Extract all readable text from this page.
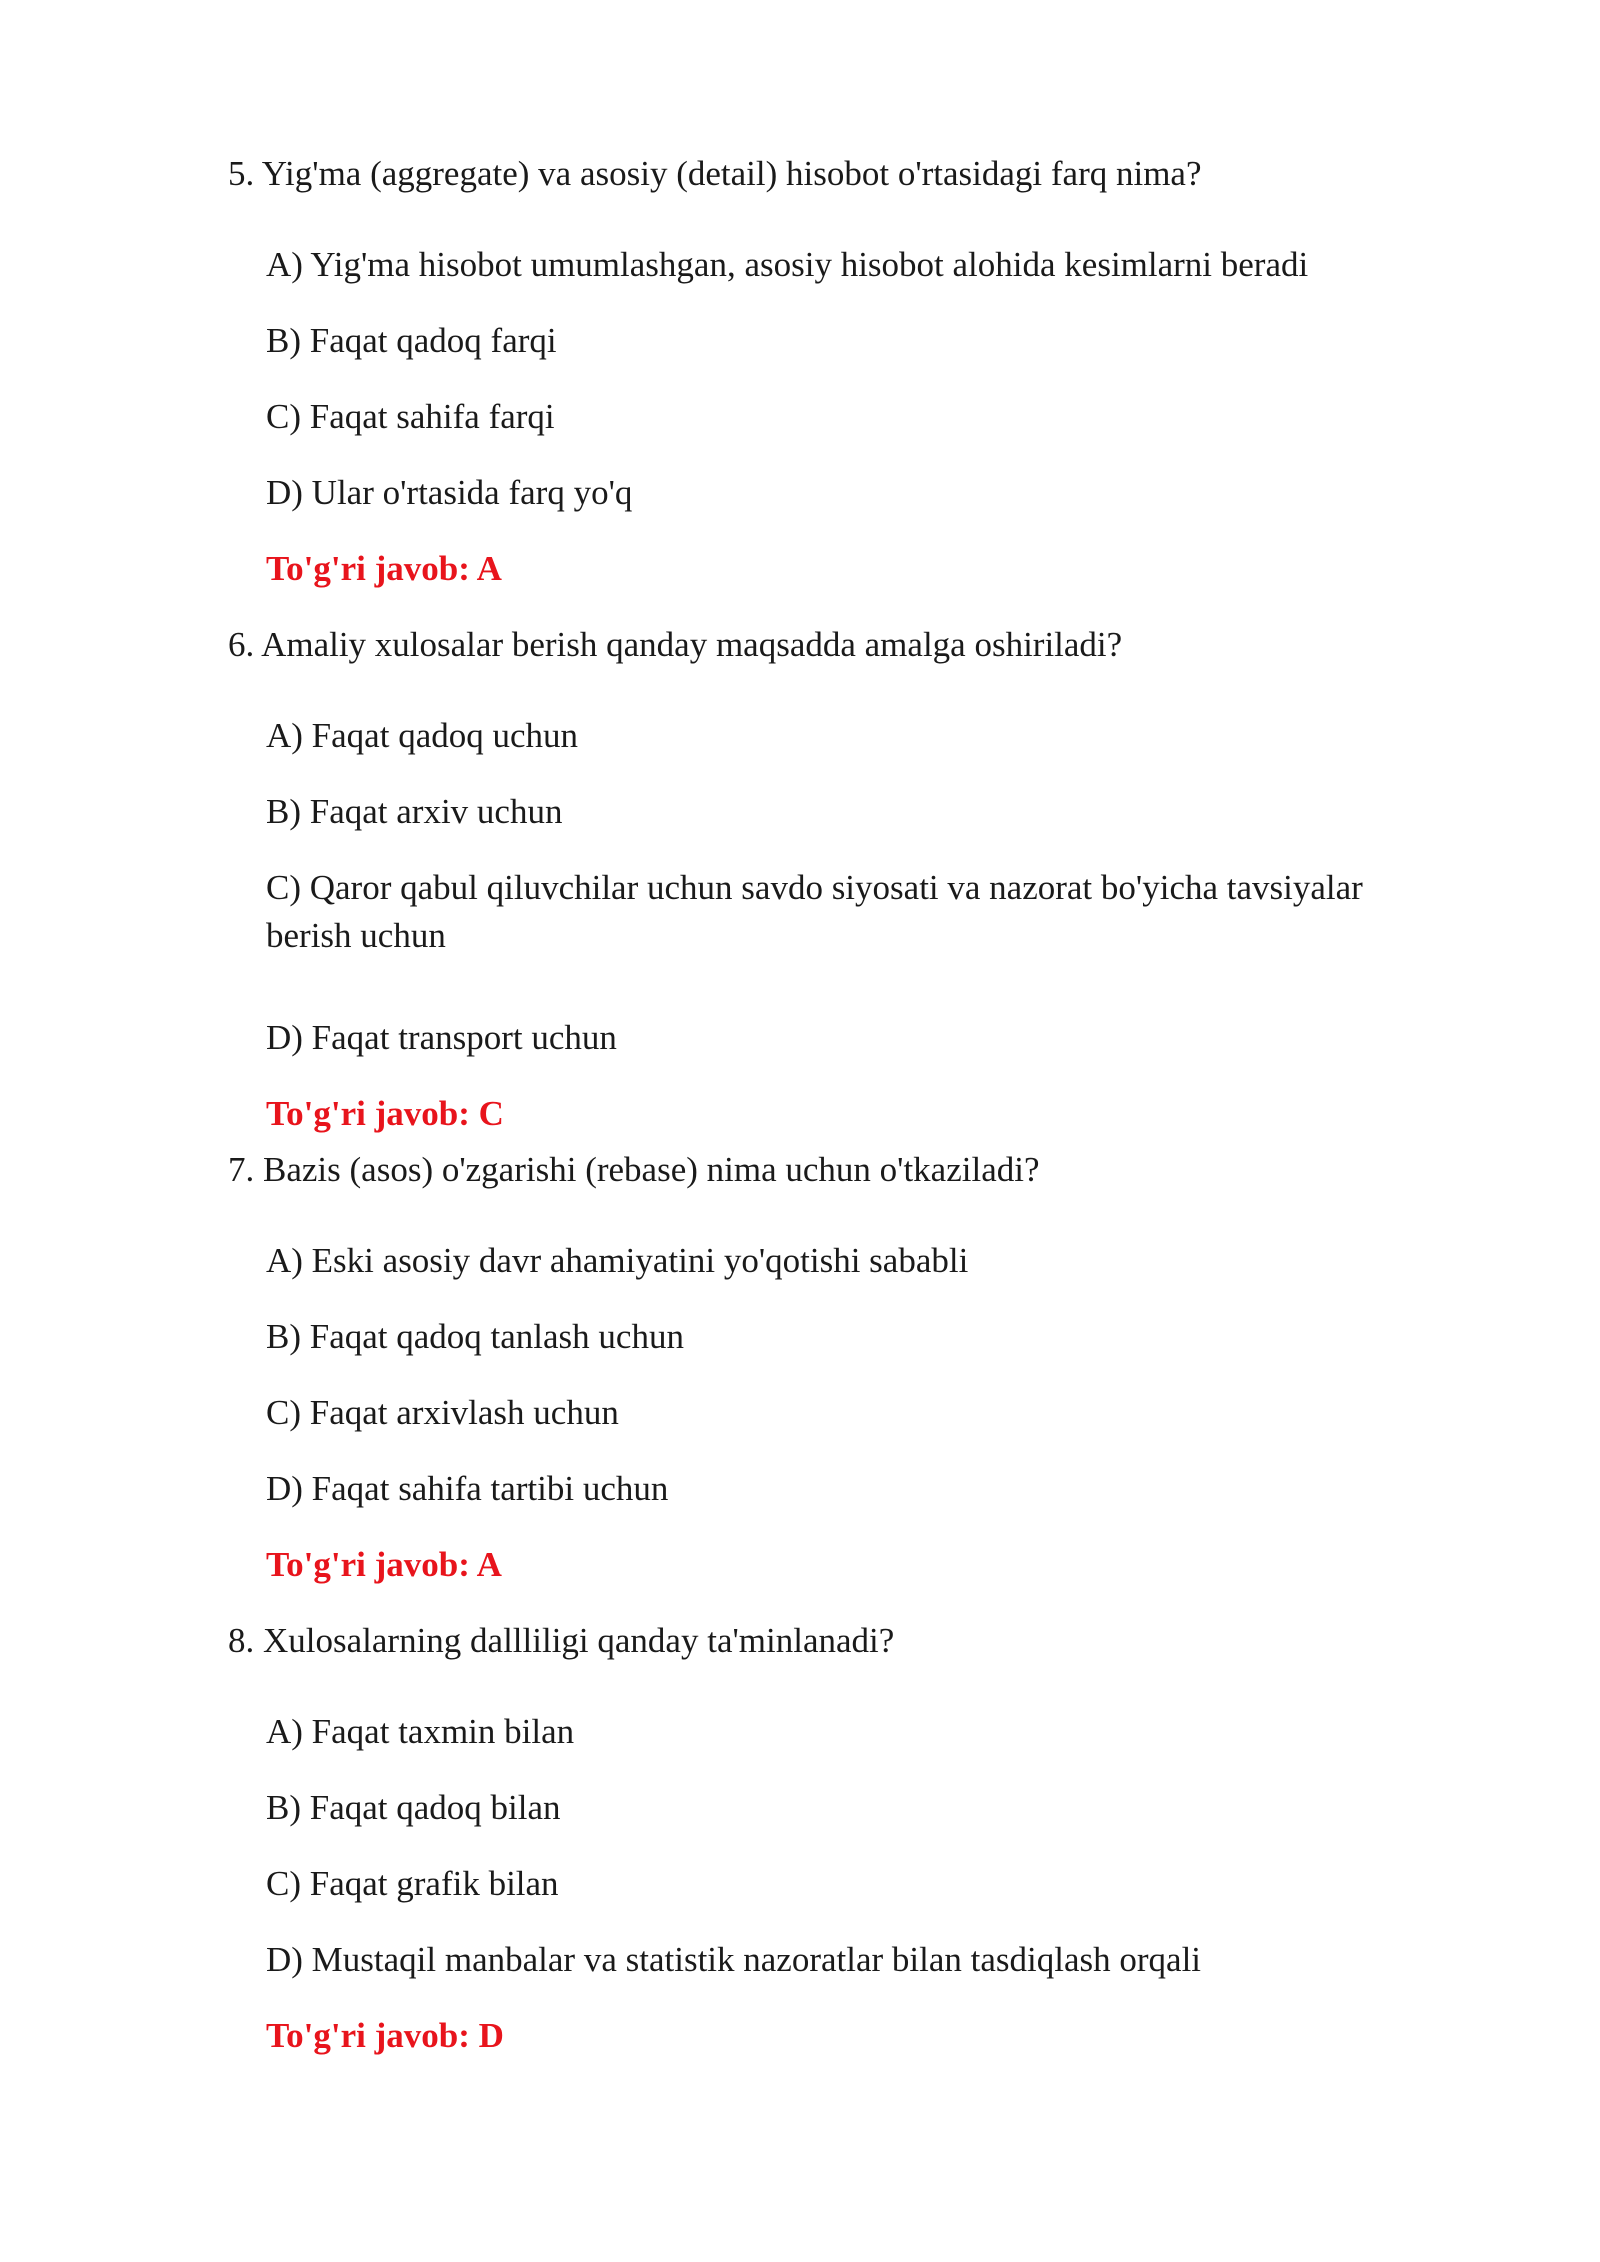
5. Yig'ma (aggregate) va asosiy (detail) hisobot o'rtasidagi farq nima?
A) Yig'ma hisobot umumlashgan, asosiy hisobot alohida kesimlarni beradi
B) Faqat qadoq farqi
C) Faqat sahifa farqi
D) Ular o'rtasida farq yo'q
To'g'ri javob: A
6. Amaliy xulosalar berish qanday maqsadda amalga oshiriladi?
A) Faqat qadoq uchun
B) Faqat arxiv uchun
C) Qaror qabul qiluvchilar uchun savdo siyosati va nazorat bo'yicha tavsiyalar berish uchun
D) Faqat transport uchun
To'g'ri javob: C
7. Bazis (asos) o'zgarishi (rebase) nima uchun o'tkaziladi?
A) Eski asosiy davr ahamiyatini yo'qotishi sababli
B) Faqat qadoq tanlash uchun
C) Faqat arxivlash uchun
D) Faqat sahifa tartibi uchun
To'g'ri javob: A
8. Xulosalarning dallliligi qanday ta'minlanadi?
A) Faqat taxmin bilan
B) Faqat qadoq bilan
C) Faqat grafik bilan
D) Mustaqil manbalar va statistik nazoratlar bilan tasdiqlash orqali
To'g'ri javob: D
